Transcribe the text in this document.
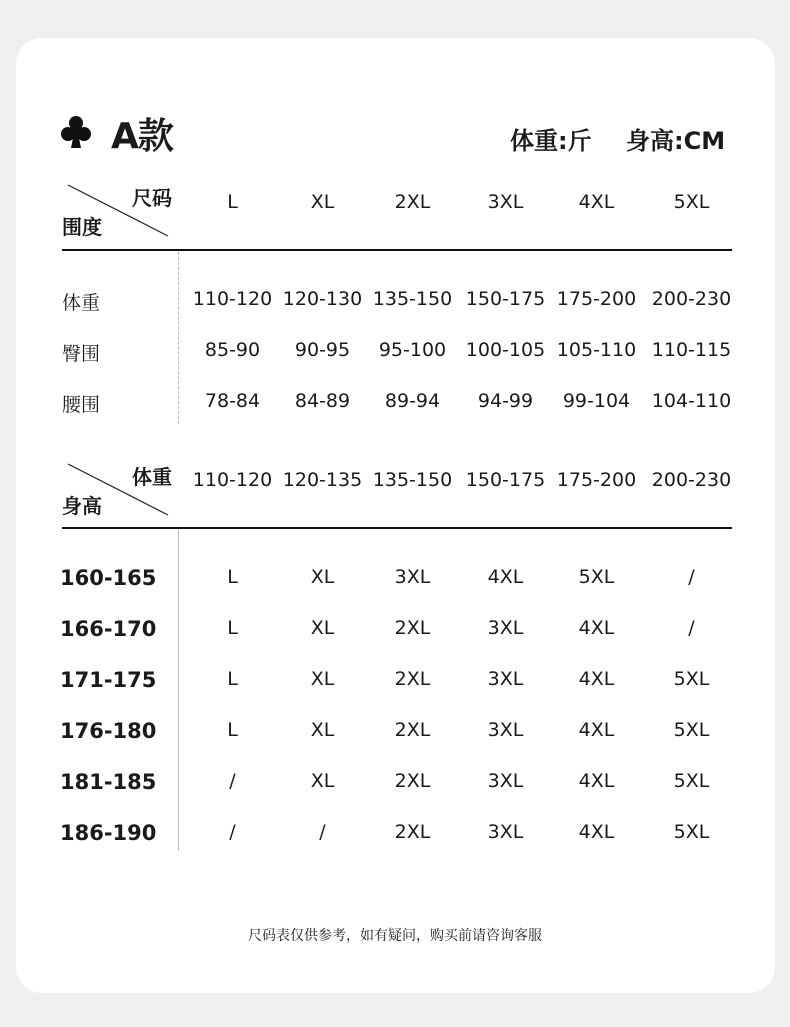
A款	体重:斤 身高:CM
尺码
围度
L	XL	2XL	3XL	4XL	5XL
体重	110-120 120-130 135-150 150-175 175-200 200-230
臀围	85-90	90-95	95-100	100-105 105-110 110-115
腰围	78-84	84-89	89-94	94-99	99-104	104-110
体重
身高
110-120 120-135 135-150 150-175 175-200 200-230
160-165	L	XL	3XL	4XL	5XL	/
166-170	L	XL	2XL	3XL	4XL	/
171-175	L	XL	2XL	3XL	4XL	5XL
176-180	L	XL	2XL	3XL	4XL	5XL
181-185	/	XL	2XL	3XL	4XL	5XL
186-190	/	/	2XL	3XL	4XL	5XL
尺码表仅供参考，如有疑问，购买前请咨询客服
